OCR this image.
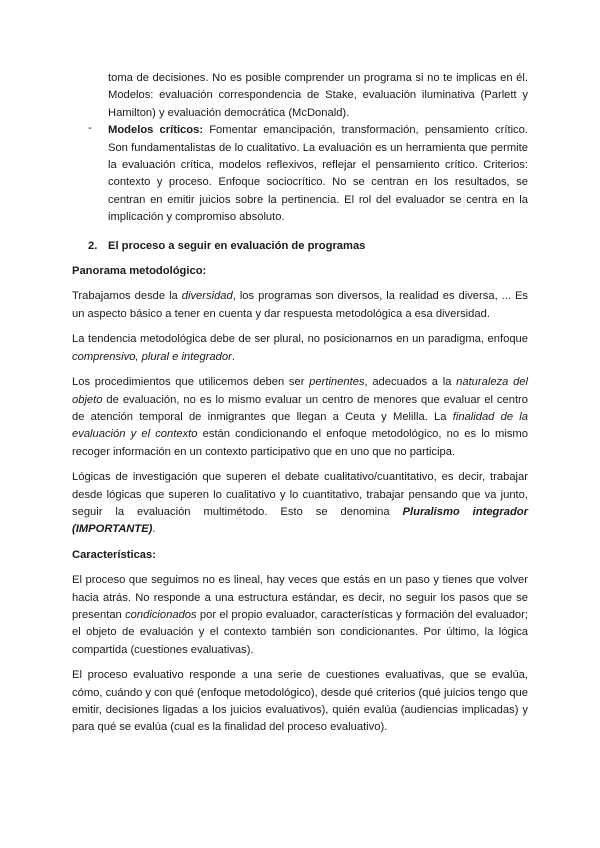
toma de decisiones. No es posible comprender un programa si no te implicas en él. Modelos: evaluación correspondencia de Stake, evaluación iluminativa (Parlett y Hamilton) y evaluación democrática (McDonald).

- Modelos críticos: Fomentar emancipación, transformación, pensamiento crítico. Son fundamentalistas de lo cualitativo. La evaluación es un herramienta que permite la evaluación crítica, modelos reflexivos, reflejar el pensamiento crítico. Criterios: contexto y proceso. Enfoque sociocrítico. No se centran en los resultados, se centran en emitir juicios sobre la pertinencia. El rol del evaluador se centra en la implicación y compromiso absoluto.

2. El proceso a seguir en evaluación de programas

Panorama metodológico:

Trabajamos desde la diversidad, los programas son diversos, la realidad es diversa, ... Es un aspecto básico a tener en cuenta y dar respuesta metodológica a esa diversidad.

La tendencia metodológica debe de ser plural, no posicionarnos en un paradigma, enfoque comprensivo, plural e integrador.

Los procedimientos que utilicemos deben ser pertinentes, adecuados a la naturaleza del objeto de evaluación, no es lo mismo evaluar un centro de menores que evaluar el centro de atención temporal de inmigrantes que llegan a Ceuta y Melilla. La finalidad de la evaluación y el contexto están condicionando el enfoque metodológico, no es lo mismo recoger información en un contexto participativo que en uno que no participa.

Lógicas de investigación que superen el debate cualitativo/cuantitativo, es decir, trabajar desde lógicas que superen lo cualitativo y lo cuantitativo, trabajar pensando que va junto, seguir la evaluación multimétodo. Esto se denomina Pluralismo integrador (IMPORTANTE).

Características:

El proceso que seguimos no es lineal, hay veces que estás en un paso y tienes que volver hacia atrás. No responde a una estructura estándar, es decir, no seguir los pasos que se presentan condicionados por el propio evaluador, características y formación del evaluador; el objeto de evaluación y el contexto también son condicionantes. Por último, la lógica compartida (cuestiones evaluativas).

El proceso evaluativo responde a una serie de cuestiones evaluativas, que se evalúa, cómo, cuándo y con qué (enfoque metodológico), desde qué criterios (qué juicios tengo que emitir, decisiones ligadas a los juicios evaluativos), quién evalúa (audiencias implicadas) y para qué se evalúa (cual es la finalidad del proceso evaluativo).
